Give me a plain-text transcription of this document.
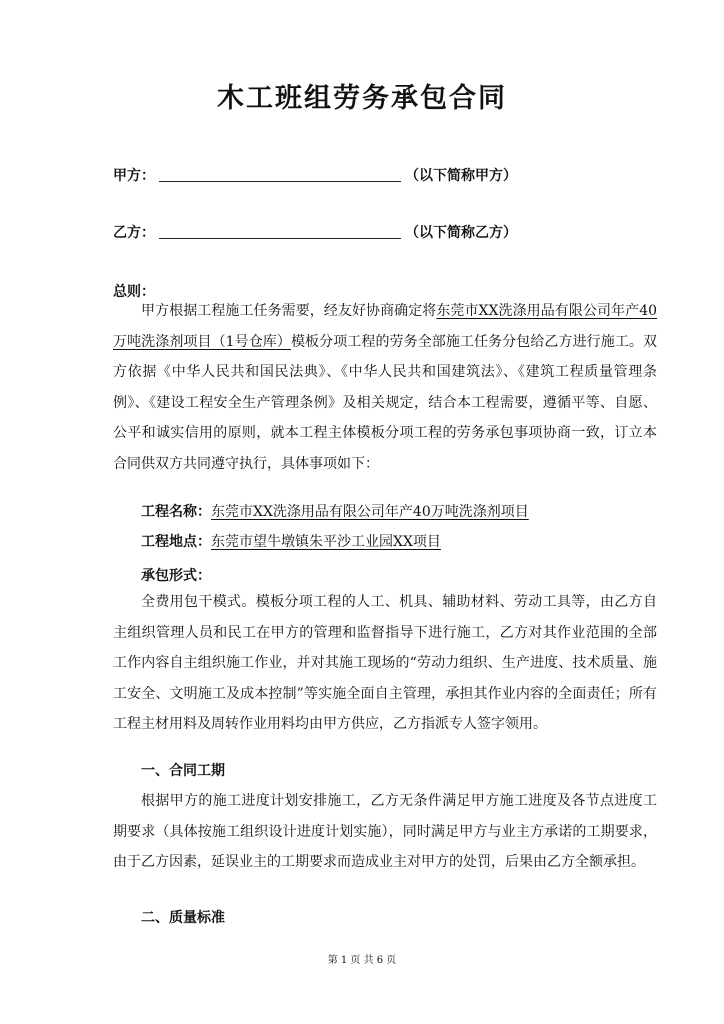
木工班组劳务承包合同
甲方：	（以下简称甲方）
乙方：	（以下简称乙方）
总则：

甲方根据工程施工任务需要，经友好协商确定将东莞市XX洗涤用品有限公司年产40万吨洗涤剂项目（1号仓库）模板分项工程的劳务全部施工任务分包给乙方进行施工。双方依据《中华人民共和国民法典》、《中华人民共和国建筑法》、《建筑工程质量管理条例》、《建设工程安全生产管理条例》及相关规定，结合本工程需要，遵循平等、自愿、公平和诚实信用的原则，就本工程主体模板分项工程的劳务承包事项协商一致，订立本合同供双方共同遵守执行，具体事项如下：

工程名称：东莞市XX洗涤用品有限公司年产40万吨洗涤剂项目
工程地点：东莞市望牛墩镇朱平沙工业园XX项目
承包形式：

全费用包干模式。模板分项工程的人工、机具、辅助材料、劳动工具等，由乙方自主组织管理人员和民工在甲方的管理和监督指导下进行施工，乙方对其作业范围的全部工作内容自主组织施工作业，并对其施工现场的“劳动力组织、生产进度、技术质量、施工安全、文明施工及成本控制”等实施全面自主管理，承担其作业内容的全面责任；所有工程主材用料及周转作业用料均由甲方供应，乙方指派专人签字领用。

一、合同工期

根据甲方的施工进度计划安排施工，乙方无条件满足甲方施工进度及各节点进度工期要求（具体按施工组织设计进度计划实施），同时满足甲方与业主方承诺的工期要求，由于乙方因素，延误业主的工期要求而造成业主对甲方的处罚，后果由乙方全额承担。

二、质量标准
第 1 页 共 6 页
